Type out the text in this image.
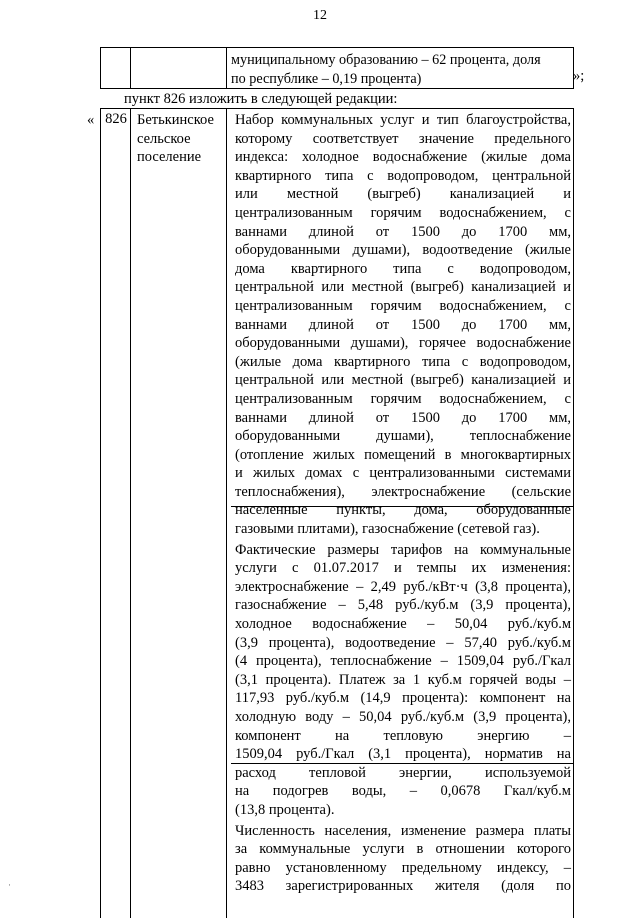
12
муниципальному образованию – 62 процента, доля
по республике – 0,19 процента)	»;
пункт 826 изложить в следующей редакции:
« 826 Бетькинское
сельское
поселение
Набор коммунальных услуг и тип благоустройства,
которому соответствует значение предельного
индекса: холодное водоснабжение (жилые дома
квартирного типа с водопроводом, центральной
или местной (выгреб) канализацией и
централизованным горячим водоснабжением, с
ваннами длиной от 1500 до 1700 мм,
оборудованными душами), водоотведение (жилые
дома квартирного типа с водопроводом,
центральной или местной (выгреб) канализацией и
централизованным горячим водоснабжением, с
ваннами длиной от 1500 до 1700 мм,
оборудованными душами), горячее водоснабжение
(жилые дома квартирного типа с водопроводом,
центральной или местной (выгреб) канализацией и
централизованным горячим водоснабжением, с
ваннами длиной от 1500 до 1700 мм,
оборудованными душами), теплоснабжение
(отопление жилых помещений в многоквартирных
и жилых домах с централизованными системами
теплоснабжения), электроснабжение (сельские
населенные пункты, дома, оборудованные
газовыми плитами), газоснабжение (сетевой газ).
Фактические размеры тарифов на коммунальные
услуги с 01.07.2017 и темпы их изменения:
электроснабжение – 2,49 руб./кВт·ч (3,8 процента),
газоснабжение – 5,48 руб./куб.м (3,9 процента),
холодное водоснабжение – 50,04 руб./куб.м
(3,9 процента), водоотведение – 57,40 руб./куб.м
(4 процента), теплоснабжение – 1509,04 руб./Гкал
(3,1 процента). Платеж за 1 куб.м горячей воды –
117,93 руб./куб.м (14,9 процента): компонент на
холодную воду – 50,04 руб./куб.м (3,9 процента),
компонент на тепловую энергию –
1509,04 руб./Гкал (3,1 процента), норматив на
расход тепловой энергии, используемой
на подогрев воды, – 0,0678 Гкал/куб.м
(13,8 процента).
Численность населения, изменение размера платы
за коммунальные услуги в отношении которого
равно установленному предельному индексу, –
3483 зарегистрированных жителя (доля по
·
